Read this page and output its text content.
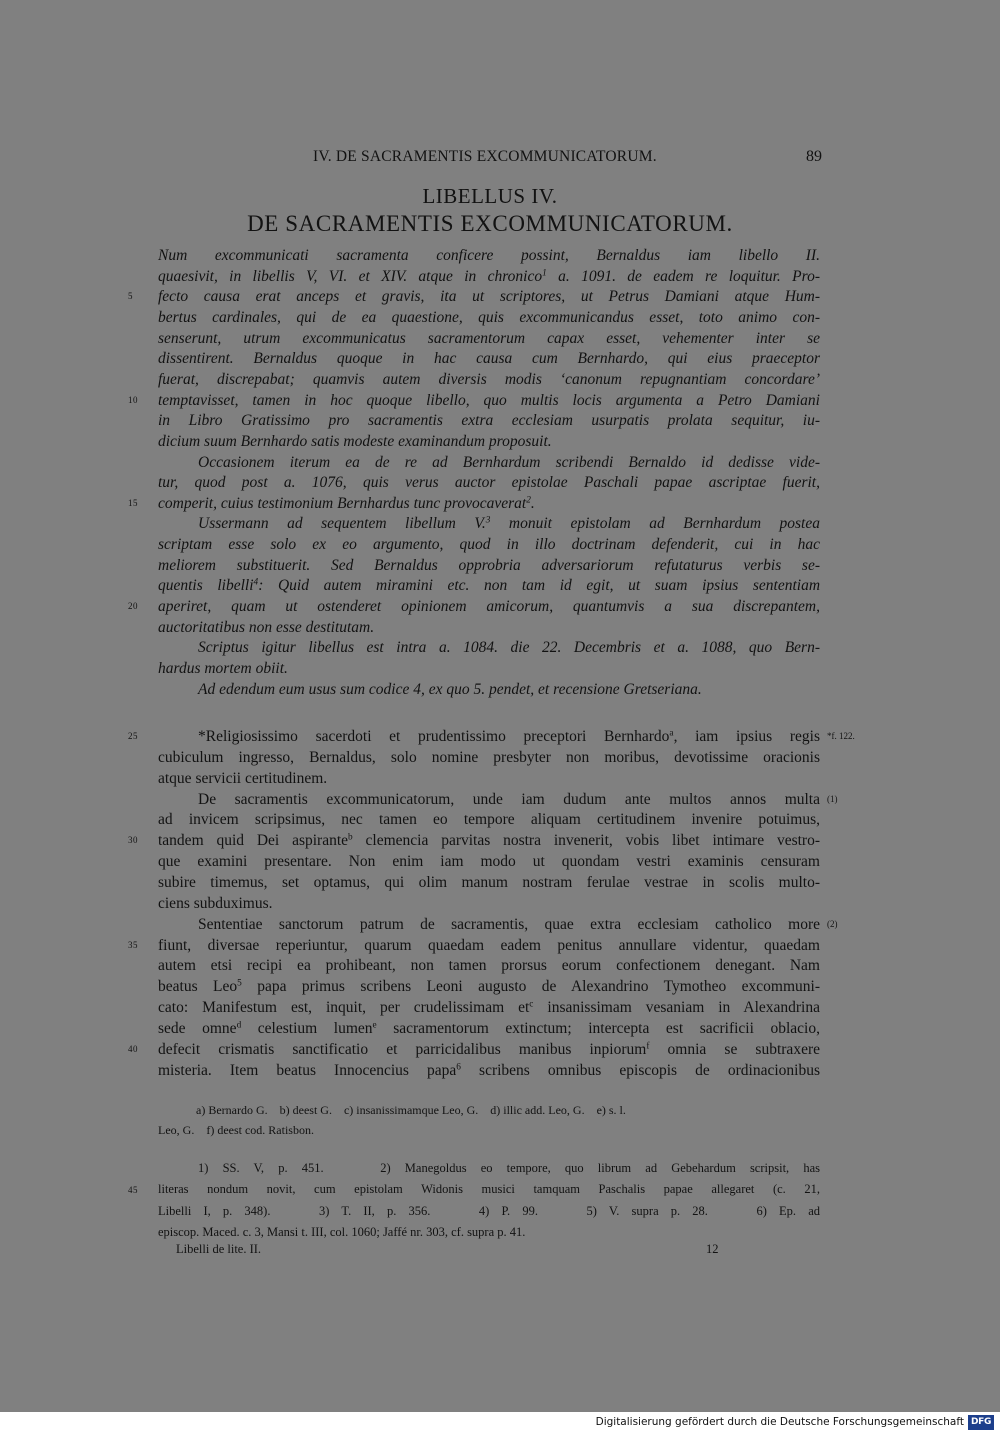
IV. DE SACRAMENTIS EXCOMMUNICATORUM.	89
LIBELLUS IV.
DE SACRAMENTIS EXCOMMUNICATORUM.
Num excommunicati sacramenta conficere possint, Bernaldus iam libello II.
quaesivit, in libellis V, VI. et XIV. atque in chronico$^1$ a. 1091. de eadem re loquitur. Pro-
fecto causa erat anceps et gravis, ita ut scriptores, ut Petrus Damiani atque Hum-
5
bertus cardinales, qui de ea quaestione, quis excommunicandus esset, toto animo con-
senserunt, utrum excommunicatus sacramentorum capax esset, vehementer inter se
dissentirent. Bernaldus quoque in hac causa cum Bernhardo, qui eius praeceptor
fuerat, discrepabat; quamvis autem diversis modis ‘canonum repugnantiam concordare’
temptavisset, tamen in hoc quoque libello, quo multis locis argumenta a Petro Damiani
10
in Libro Gratissimo pro sacramentis extra ecclesiam usurpatis prolata sequitur, iu-
dicium suum Bernhardo satis modeste examinandum proposuit.
Occasionem iterum ea de re ad Bernhardum scribendi Bernaldo id dedisse vide-
tur, quod post a. 1076, quis verus auctor epistolae Paschali papae ascriptae fuerit,
comperit, cuius testimonium Bernhardus tunc provocaverat$^2$.
15
Ussermann ad sequentem libellum V.$^3$ monuit epistolam ad Bernhardum postea
scriptam esse solo ex eo argumento, quod in illo doctrinam defenderit, cui in hac
meliorem substituerit. Sed Bernaldus opprobria adversariorum refutaturus verbis se-
quentis libelli$^4$: Quid autem miramini etc. non tam id egit, ut suam ipsius sententiam
aperiret, quam ut ostenderet opinionem amicorum, quantumvis a sua discrepantem,
20
auctoritatibus non esse destitutam.
Scriptus igitur libellus est intra a. 1084. die 22. Decembris et a. 1088, quo Bern-
hardus mortem obiit.
Ad edendum eum usus sum codice 4, ex quo 5. pendet, et recensione Gretseriana.
*Religiosissimo sacerdoti et prudentissimo preceptori Bernhardo$^a$, iam ipsius regis
25	*f. 122.
cubiculum ingresso, Bernaldus, solo nomine presbyter non moribus, devotissime oracionis
atque servicii certitudinem.
De sacramentis excommunicatorum, unde iam dudum ante multos annos multa (1)
ad invicem scripsimus, nec tamen eo tempore aliquam certitudinem invenire potuimus,
tandem quid Dei aspirante$^b$ clemencia parvitas nostra invenerit, vobis libet intimare vestro-
30
que examini presentare. Non enim iam modo ut quondam vestri examinis censuram
subire timemus, set optamus, qui olim manum nostram ferulae vestrae in scolis multo-
ciens subduximus.
Sententiae sanctorum patrum de sacramentis, quae extra ecclesiam catholico more (2)
fiunt, diversae reperiuntur, quarum quaedam eadem penitus annullare videntur, quaedam
35
autem etsi recipi ea prohibeant, non tamen prorsus eorum confectionem denegant. Nam
beatus Leo$^5$ papa primus scribens Leoni augusto de Alexandrino Tymotheo excommuni-
cato: Manifestum est, inquit, per crudelissimam $et^c$ insanissimam vesaniam in Alexandrina
sede omne$^d$ celestium lumen$^e$ sacramentorum extinctum; intercepta est sacrificii oblacio,
defecit crismatis sanctificatio et parricidalibus manibus inpiorum$^f$ omnia se subtraxere
40
misteria. Item beatus Innocencius papa$^6$ scribens omnibus episcopis de ordinacionibus
a) Bernardo G.    b) deest G.    c) insanissimamque Leo, G.    d) illic add. Leo, G.    e) s. l.
Leo, G.    f) deest cod. Ratisbon.
1) SS. V, p. 451.    2) Manegoldus eo tempore, quo librum ad Gebehardum scripsit, has
literas nondum novit, cum epistolam Widonis musici tamquam Paschalis papae allegaret (c. 21,
45
Libelli I, p. 348).    3) T. II, p. 356.    4) P. 99.    5) V. supra p. 28.    6) Ep. ad
episcop. Maced. c. 3, Mansi t. III, col. 1060; Jaffé nr. 303, cf. supra p. 41.
Libelli de lite. II.	12
Digitalisierung gefördert durch die Deutsche Forschungsgemeinschaft DFG
